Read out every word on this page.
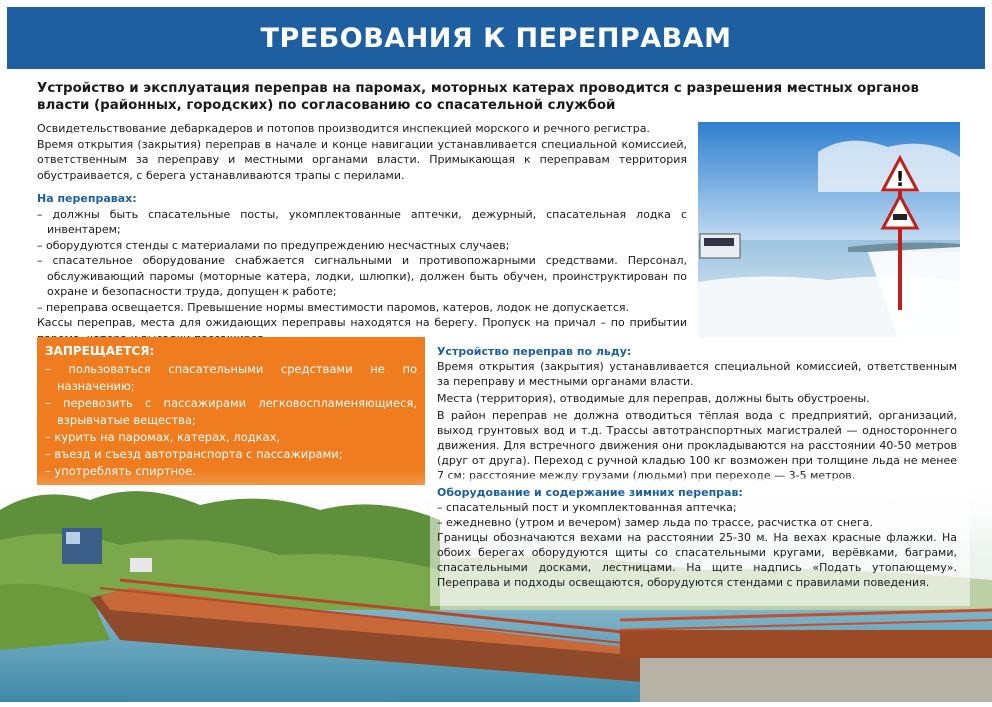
ТРЕБОВАНИЯ К ПЕРЕПРАВАМ
Устройство и эксплуатация переправ на паромах, моторных катерах проводится с разрешения местных органов власти (районных, городских) по согласованию со спасательной службой

Освидетельствование дебаркадеров и потопов производится инспекцией морского и речного регистра.

Время открытия (закрытия) переправ в начале и конце навигации устанавливается специальной комиссией, ответственным за переправу и местными органами власти. Примыкающая к переправам территория обустраивается, с берега устанавливаются трапы с перилами.

На переправах:
– должны быть спасательные посты, укомплектованные аптечки, дежурный, спасательная лодка с инвентарем;
– оборудуются стенды с материалами по предупреждению несчастных случаев;
– спасательное оборудование снабжается сигнальными и противопожарными средствами. Персонал, обслуживающий паромы (моторные катера, лодки, шлюпки), должен быть обучен, проинструктирован по охране и безопасности труда, допущен к работе;
– переправа освещается. Превышение нормы вместимости паромов, катеров, лодок не допускается.

Кассы переправ, места для ожидающих переправы находятся на берегу. Пропуск на причал – по прибытии

!
ЗАПРЕЩАЕТСЯ:
– пользоваться спасательными средствами не по назначению;
– перевозить с пассажирами легковоспламеняющиеся, взрывчатые вещества;
– курить на паромах, катерах, лодках,
– въезд и съезд автотранспорта с пассажирами;
Устройство переправ по льду:

Время открытия (закрытия) устанавливается специальной комиссией, ответственным за переправу и местными органами власти.

Места (территория), отводимые для переправ, должны быть обустроены.

В район переправ не должна отводиться тёплая вода с предприятий, организаций, выход грунтовых вод и т.д. Трассы автотранспортных магистралей — одностороннего движения. Для встречного движения они прокладываются на расстоянии 40-50 метров (друг от друга). Переход с ручной кладью 100 кг возможен при толщине льда не менее

Оборудование и содержание зимних переправ:
– спасательный пост и укомплектованная аптечка;
– ежедневно (утром и вечером) замер льда по трассе, расчистка от снега.

Границы обозначаются вехами на расстоянии 25-30 м. На вехах красные флажки. На обоих берегах оборудуются щиты со спасательными кругами, верёвками, баграми, спасательными досками, лестницами. На щите надпись «Подать утопающему». Переправа и подходы освещаются, оборудуются стендами с правилами поведения.
